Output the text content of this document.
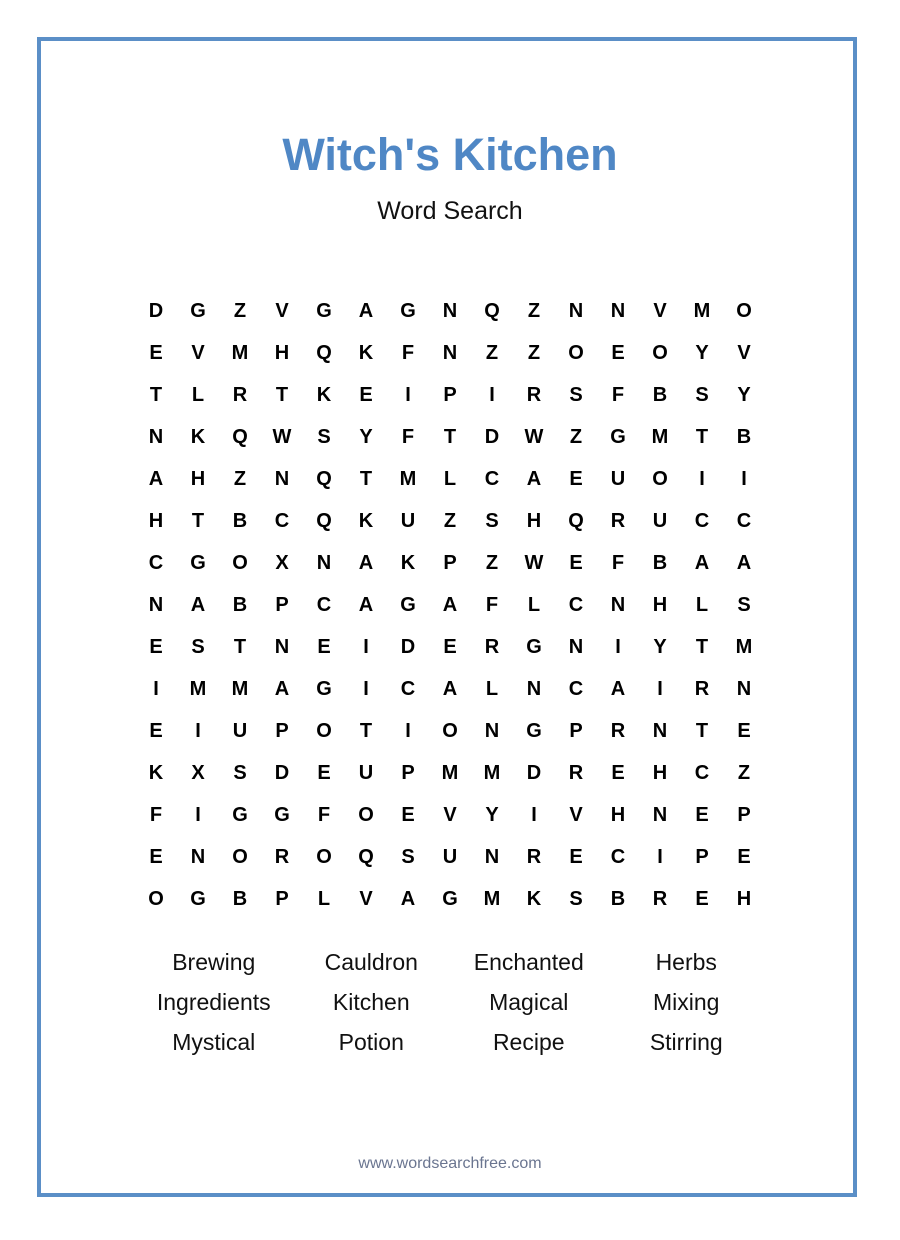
Witch's Kitchen
Word Search
D	G	Z	V	G	A	G	N	Q	Z	N	N	V	M	O
E	V	M	H	Q	K	F	N	Z	Z	O	E	O	Y	V
T	L	R	T	K	E	I	P	I	R	S	F	B	S	Y
N	K	Q	W	S	Y	F	T	D	W	Z	G	M	T	B
A	H	Z	N	Q	T	M	L	C	A	E	U	O	I	I
H	T	B	C	Q	K	U	Z	S	H	Q	R	U	C	C
C	G	O	X	N	A	K	P	Z	W	E	F	B	A	A
N	A	B	P	C	A	G	A	F	L	C	N	H	L	S
E	S	T	N	E	I	D	E	R	G	N	I	Y	T	M
I	M	M	A	G	I	C	A	L	N	C	A	I	R	N
E	I	U	P	O	T	I	O	N	G	P	R	N	T	E
K	X	S	D	E	U	P	M	M	D	R	E	H	C	Z
F	I	G	G	F	O	E	V	Y	I	V	H	N	E	P
E	N	O	R	O	Q	S	U	N	R	E	C	I	P	E
O	G	B	P	L	V	A	G	M	K	S	B	R	E	H
Brewing	Cauldron	Enchanted	Herbs
Ingredients	Kitchen	Magical	Mixing
Mystical	Potion	Recipe	Stirring
www.wordsearchfree.com
